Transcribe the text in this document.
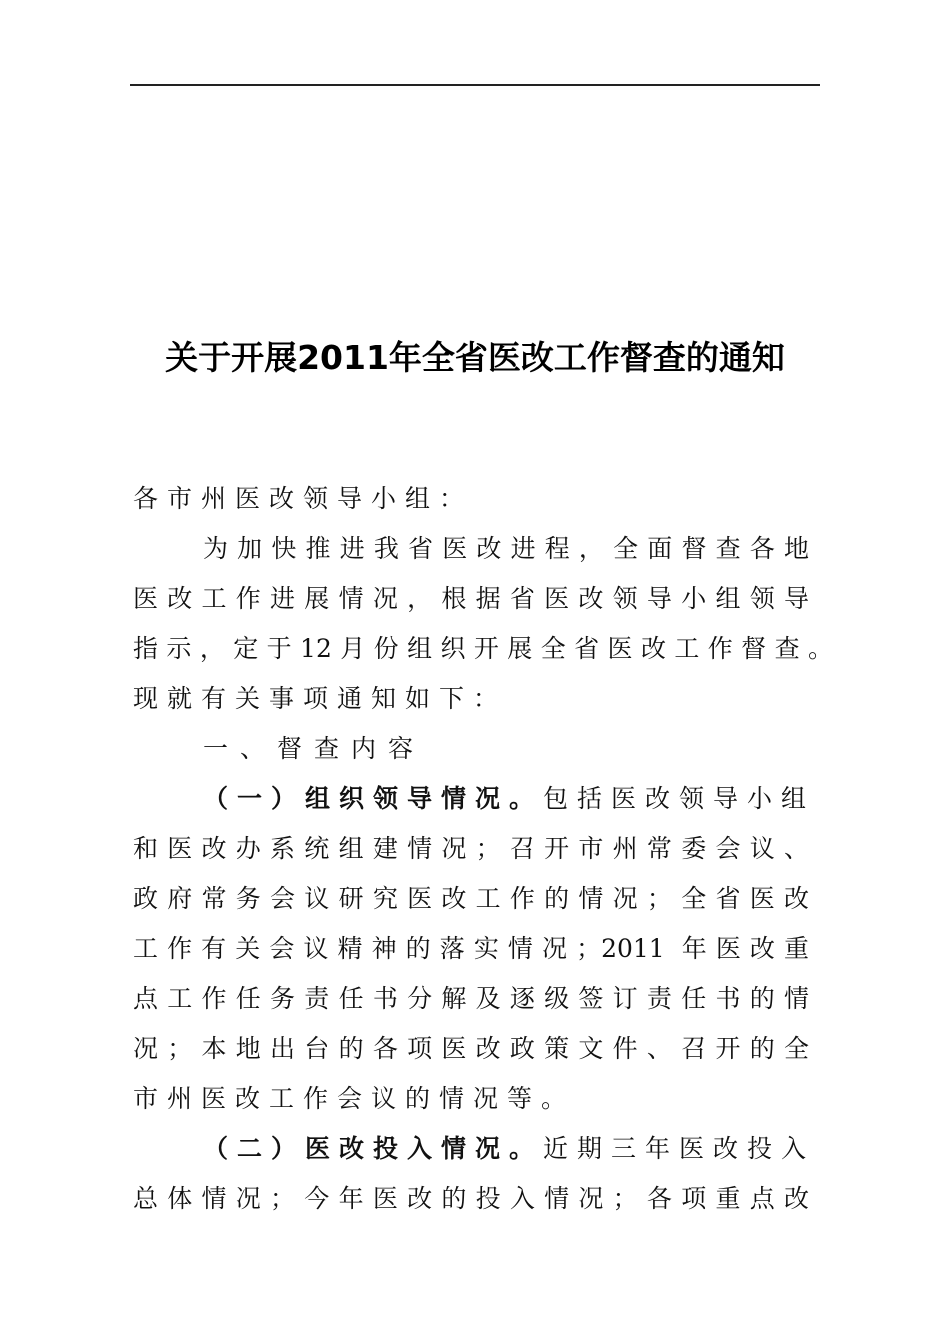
关于开展2011年全省医改工作督查的通知
各市州医改领导小组：
为加快推进我省医改进程，全面督查各地
医改工作进展情况，根据省医改领导小组领导
指示，定于12月份组织开展全省医改工作督查。
现就有关事项通知如下：
一、督查内容
（一）组织领导情况。 包括医改领导小组
和医改办系统组建情况；召开市州常委会议、
政府常务会议研究医改工作的情况；全省医改
工作有关会议精神的落实情况；2011 年医改重
点工作任务责任书分解及逐级签订责任书的情
况；本地出台的各项医改政策文件、召开的全
市州医改工作会议的情况等。
（二）医改投入情况。 近期三年医改投入
总体情况；今年医改的投入情况；各项重点改
